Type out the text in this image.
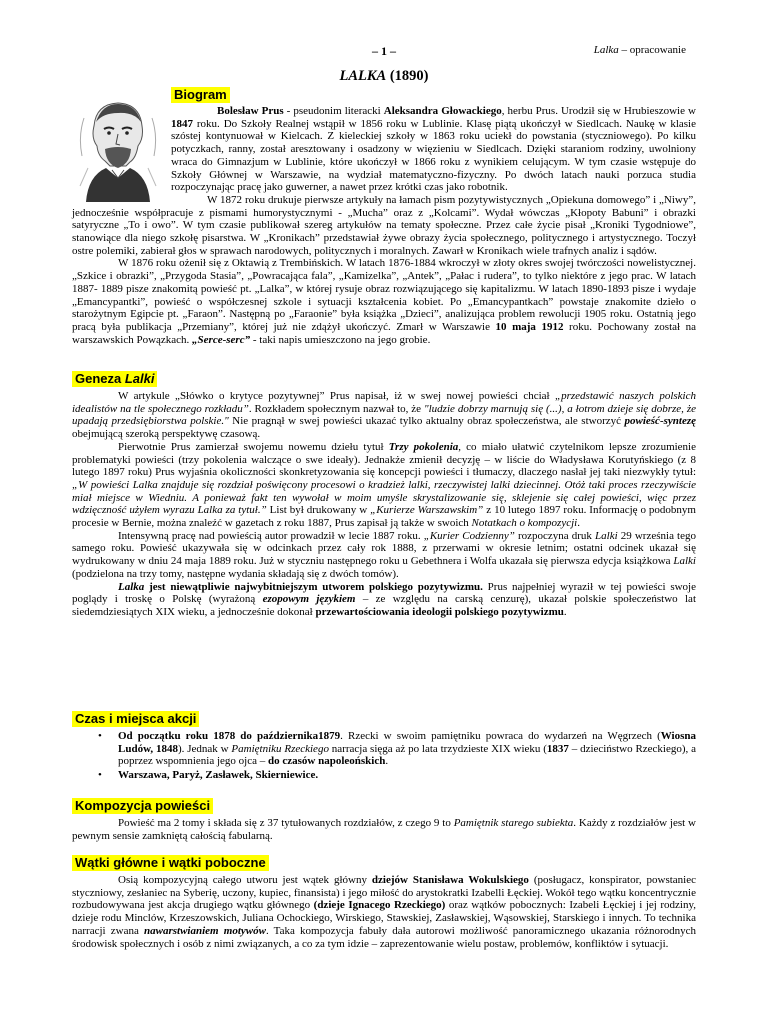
– 1 –	Lalka – opracowanie
LALKA (1890)
Biogram

Bolesław Prus - pseudonim literacki Aleksandra Głowackiego, herbu Prus. Urodził się w Hrubieszowie w 1847 roku. Do Szkoły Realnej wstąpił w 1856 roku w Lublinie. Klasę piątą ukończył w Siedlcach. Naukę w klasie szóstej kontynuował w Kielcach. Z kieleckiej szkoły w 1863 roku uciekł do powstania (styczniowego). Po kilku potyczkach, ranny, został aresztowany i osadzony w więzieniu w Siedlcach. Dzięki staraniom rodziny, uwolniony wraca do Gimnazjum w Lublinie, które ukończył w 1866 roku z wynikiem celującym. W tym czasie wstępuje do Szkoły Głównej w Warszawie, na wydział matematyczno-fizyczny. Po dwóch latach nauki porzuca studia rozpoczynając pracę jako guwerner, a nawet przez krótki czas jako robotnik.

W 1872 roku drukuje pierwsze artykuły na łamach pism pozytywistycznych „Opiekuna domowego” i „Niwy”, jednocześnie współpracuje z pismami humorystycznymi - „Mucha” oraz z „Kolcami”. Wydał wówczas „Kłopoty Babuni” i obrazki satyryczne „To i owo”. W tym czasie publikował szereg artykułów na tematy społeczne. Przez całe życie pisał „Kroniki Tygodniowe”, stanowiące dla niego szkołę pisarstwa. W „Kronikach” przedstawiał żywe obrazy życia społecznego, politycznego i artystycznego. Toczył ostre polemiki, zabierał głos w sprawach narodowych, politycznych i moralnych. Zawarł w Kronikach wiele trafnych analiz i sądów.

W 1876 roku ożenił się z Oktawią z Trembińskich. W latach 1876-1884 wkroczył w złoty okres swojej twórczości nowelistycznej. „Szkice i obrazki”, „Przygoda Stasia”, „Powracająca fala”, „Kamizelka”, „Antek”, „Pałac i rudera”, to tylko niektóre z jego prac. W latach 1887- 1889 pisze znakomitą powieść pt. „Lalka”, w której rysuje obraz rozwiązującego się kapitalizmu. W latach 1890-1893 pisze i wydaje „Emancypantki”, powieść o współczesnej szkole i sytuacji kształcenia kobiet. Po „Emancypantkach” powstaje znakomite dzieło o starożytnym Egipcie pt. „Faraon”. Następną po „Faraonie” była książka „Dzieci”, analizująca problem rewolucji 1905 roku. Ostatnią jego pracą była publikacja „Przemiany”, której już nie zdążył ukończyć. Zmarł w Warszawie 10 maja 1912 roku. Pochowany został na warszawskich Powązkach. „Serce-serc” - taki napis umieszczono na jego grobie.

Geneza Lalki

W artykule „Słówko o krytyce pozytywnej” Prus napisał, iż w swej nowej powieści chciał „przedstawić naszych polskich idealistów na tle społecznego rozkładu”. Rozkładem społecznym nazwał to, że "ludzie dobrzy marnują się (...), a łotrom dzieje się dobrze, że upadają przedsiębiorstwa polskie." Nie pragnął w swej powieści ukazać tylko aktualny obraz społeczeństwa, ale stworzyć powieść-syntezę obejmującą szeroką perspektywę czasową.

Pierwotnie Prus zamierzał swojemu nowemu dziełu tytuł Trzy pokolenia, co miało ułatwić czytelnikom lepsze zrozumienie problematyki powieści (trzy pokolenia walczące o swe ideały). Jednakże zmienił decyzję – w liście do Władysława Korutyńskiego (z 8 lutego 1897 roku) Prus wyjaśnia okoliczności skonkretyzowania się koncepcji powieści i tłumaczy, dlaczego nasłał jej taki niezwykły tytuł: „W powieści Lalka znajduje się rozdział poświęcony procesowi o kradzież lalki, rzeczywistej lalki dziecinnej. Otóż taki proces rzeczywiście miał miejsce w Wiedniu. A ponieważ fakt ten wywołał w moim umyśle skrystalizowanie się, sklejenie się całej powieści, więc przez wdzięczność użyłem wyrazu Lalka za tytuł.” List był drukowany w „Kurierze Warszawskim” z 10 lutego 1897 roku. Informację o podobnym procesie w Bernie, można znaleźć w gazetach z roku 1887, Prus zapisał ją także w swoich Notatkach o kompozycji.

Intensywną pracę nad powieścią autor prowadził w lecie 1887 roku. „Kurier Codzienny” rozpoczyna druk Lalki 29 września tego samego roku. Powieść ukazywała się w odcinkach przez cały rok 1888, z przerwami w okresie letnim; ostatni odcinek ukazał się wydrukowany w dniu 24 maja 1889 roku. Już w styczniu następnego roku u Gebethnera i Wolfa ukazała się pierwsza edycja książkowa Lalki (podzielona na trzy tomy, następne wydania składają się z dwóch tomów).

Lalka jest niewątpliwie najwybitniejszym utworem polskiego pozytywizmu. Prus najpełniej wyraził w tej powieści swoje poglądy i troskę o Polskę (wyrażoną ezopowym językiem – ze względu na carską cenzurę), ukazał polskie społeczeństwo lat siedemdziesiątych XIX wieku, a jednocześnie dokonał przewartościowania ideologii polskiego pozytywizmu.

Czas i miejsca akcji
• Od początku roku 1878 do października1879. Rzecki w swoim pamiętniku powraca do wydarzeń na Węgrzech (Wiosna Ludów, 1848). Jednak w Pamiętniku Rzeckiego narracja sięga aż po lata trzydzieste XIX wieku (1837 – dzieciństwo Rzeckiego), a poprzez wspomnienia jego ojca – do czasów napoleońskich.
• Warszawa, Paryż, Zasławek, Skierniewice.
Kompozycja powieści

Powieść ma 2 tomy i składa się z 37 tytułowanych rozdziałów, z czego 9 to Pamiętnik starego subiekta. Każdy z rozdziałów jest w pewnym sensie zamkniętą całością fabularną.

Wątki główne i wątki poboczne

Osią kompozycyjną całego utworu jest wątek główny dziejów Stanisława Wokulskiego (posługacz, konspirator, powstaniec styczniowy, zesłaniec na Syberię, uczony, kupiec, finansista) i jego miłość do arystokratki Izabelli Łęckiej. Wokół tego wątku koncentrycznie rozbudowywana jest akcja drugiego wątku głównego (dzieje Ignacego Rzeckiego) oraz wątków pobocznych: Izabeli Łęckiej i jej rodziny, dzieje rodu Minclów, Krzeszowskich, Juliana Ochockiego, Wirskiego, Stawskiej, Zasławskiej, Wąsowskiej, Starskiego i innych. To technika narracji zwana nawarstwianiem motywów. Taka kompozycja fabuły dała autorowi możliwość panoramicznego ukazania różnorodnych środowisk społecznych i osób z nimi związanych, a co za tym idzie – zaprezentowanie wielu postaw, problemów, konfliktów i sytuacji.
